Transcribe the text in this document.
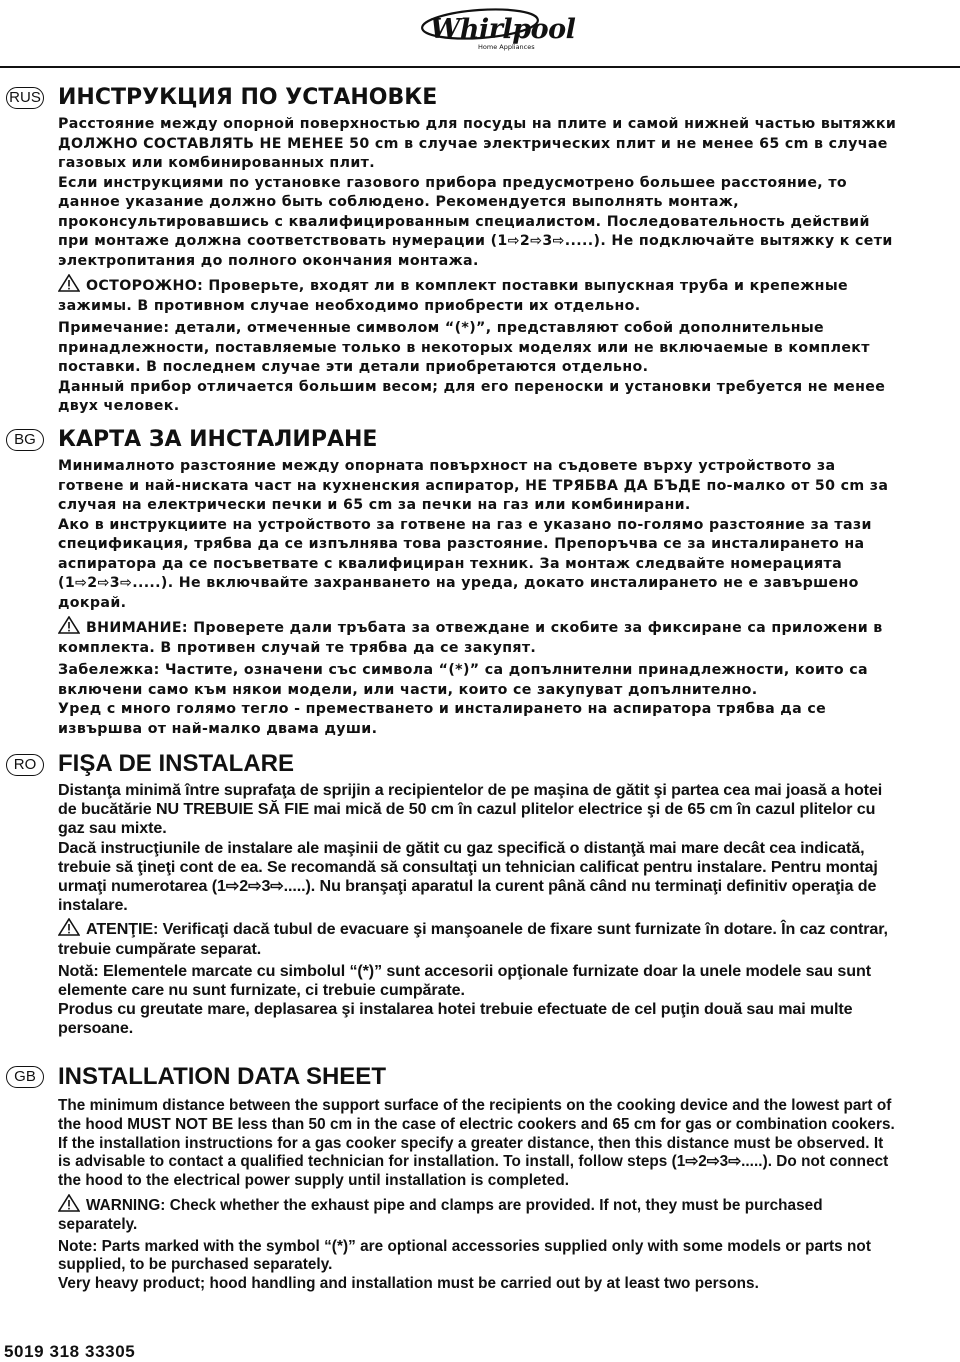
Whirlpool
Home Appliances
RUS ИНСТРУКЦИЯ ПО УСТАНОВКЕ

Расстояние между опорной поверхностью для посуды на плите и самой нижней частью вытяжки ДОЛЖНО СОСТАВЛЯТЬ НЕ МЕНЕЕ 50 cm в случае электрических плит и не менее 65 cm в случае газовых или комбинированных плит.

Если инструкциями по установке газового прибора предусмотрено большее расстояние, то данное указание должно быть соблюдено. Рекомендуется выполнять монтаж, проконсультировавшись с квалифицированным специалистом. Последовательность действий при монтаже должна соответствовать нумерации (1⇨2⇨3⇨.....). Не подключайте вытяжку к сети электропитания до полного окончания монтажа.

ОСТОРОЖНО: Проверьте, входят ли в комплект поставки выпускная труба и крепежные зажимы. В противном случае необходимо приобрести их отдельно.

Примечание: детали, отмеченные символом “(*)”, представляют собой дополнительные принадлежности, поставляемые только в некоторых моделях или не включаемые в комплект поставки. В последнем случае эти детали приобретаются отдельно.

Данный прибор отличается большим весом; для его переноски и установки требуется не менее двух человек.

BG	КАРТА ЗА ИНСТАЛИРАНЕ

Минималното разстояние между опорната повърхност на съдовете върху устройството за готвене и най-ниската част на кухненския аспиратор, НЕ ТРЯБВА ДА БЪДЕ по-малко от 50 cm за случая на електрически печки и 65 cm за печки на газ или комбинирани.

Ако в инструкциите на устройството за готвене на газ е указано по-голямо разстояние за тази спецификация, трябва да се изпълнява това разстояние. Препоръчва се за инсталирането на аспиратора да се посъветвате с квалифициран техник. За монтаж следвайте номерацията (1⇨2⇨3⇨.....). Не включвайте захранването на уреда, докато инсталирането не е завършено докрай.

ВНИМАНИЕ: Проверете дали тръбата за отвеждане и скобите за фиксиране са приложени в комплекта. В противен случай те трябва да се закупят.

Забележка: Частите, означени със символа “(*)” са допълнителни принадлежности, които са включени само към някои модели, или части, които се закупуват допълнително.

Уред с много голямо тегло - преместването и инсталирането на аспиратора трябва да се извършва от най-малко двама души.

RO FIŞA DE INSTALARE

Distanţa minimă între suprafaţa de sprijin a recipientelor de pe maşina de gătit şi partea cea mai joasă a hotei de bucătărie NU TREBUIE SĂ FIE mai mică de 50 cm în cazul plitelor electrice şi de 65 cm în cazul plitelor cu gaz sau mixte.

Dacă instrucţiunile de instalare ale maşinii de gătit cu gaz specifică o distanţă mai mare decât cea indicată, trebuie să ţineţi cont de ea. Se recomandă să consultaţi un tehnician calificat pentru instalare. Pentru montaj urmaţi numerotarea (1⇨2⇨3⇨.....). Nu branşaţi aparatul la curent până când nu terminaţi definitiv operaţia de instalare.

ATENŢIE: Verificaţi dacă tubul de evacuare şi manşoanele de fixare sunt furnizate în dotare. În caz contrar, trebuie cumpărate separat.

Notă: Elementele marcate cu simbolul “(*)” sunt accesorii opţionale furnizate doar la unele modele sau sunt elemente care nu sunt furnizate, ci trebuie cumpărate.

Produs cu greutate mare, deplasarea şi instalarea hotei trebuie efectuate de cel puţin două sau mai multe persoane.

GB INSTALLATION DATA SHEET

The minimum distance between the support surface of the recipients on the cooking device and the lowest part of the hood MUST NOT BE less than 50 cm in the case of electric cookers and 65 cm for gas or combination cookers.

If the installation instructions for a gas cooker specify a greater distance, then this distance must be observed. It is advisable to contact a qualified technician for installation. To install, follow steps (1⇨2⇨3⇨.....). Do not connect the hood to the electrical power supply until installation is completed.

WARNING: Check whether the exhaust pipe and clamps are provided. If not, they must be purchased separately.

Note: Parts marked with the symbol “(*)” are optional accessories supplied only with some models or parts not supplied, to be purchased separately.

Very heavy product; hood handling and installation must be carried out by at least two persons.

5019 318 33305
